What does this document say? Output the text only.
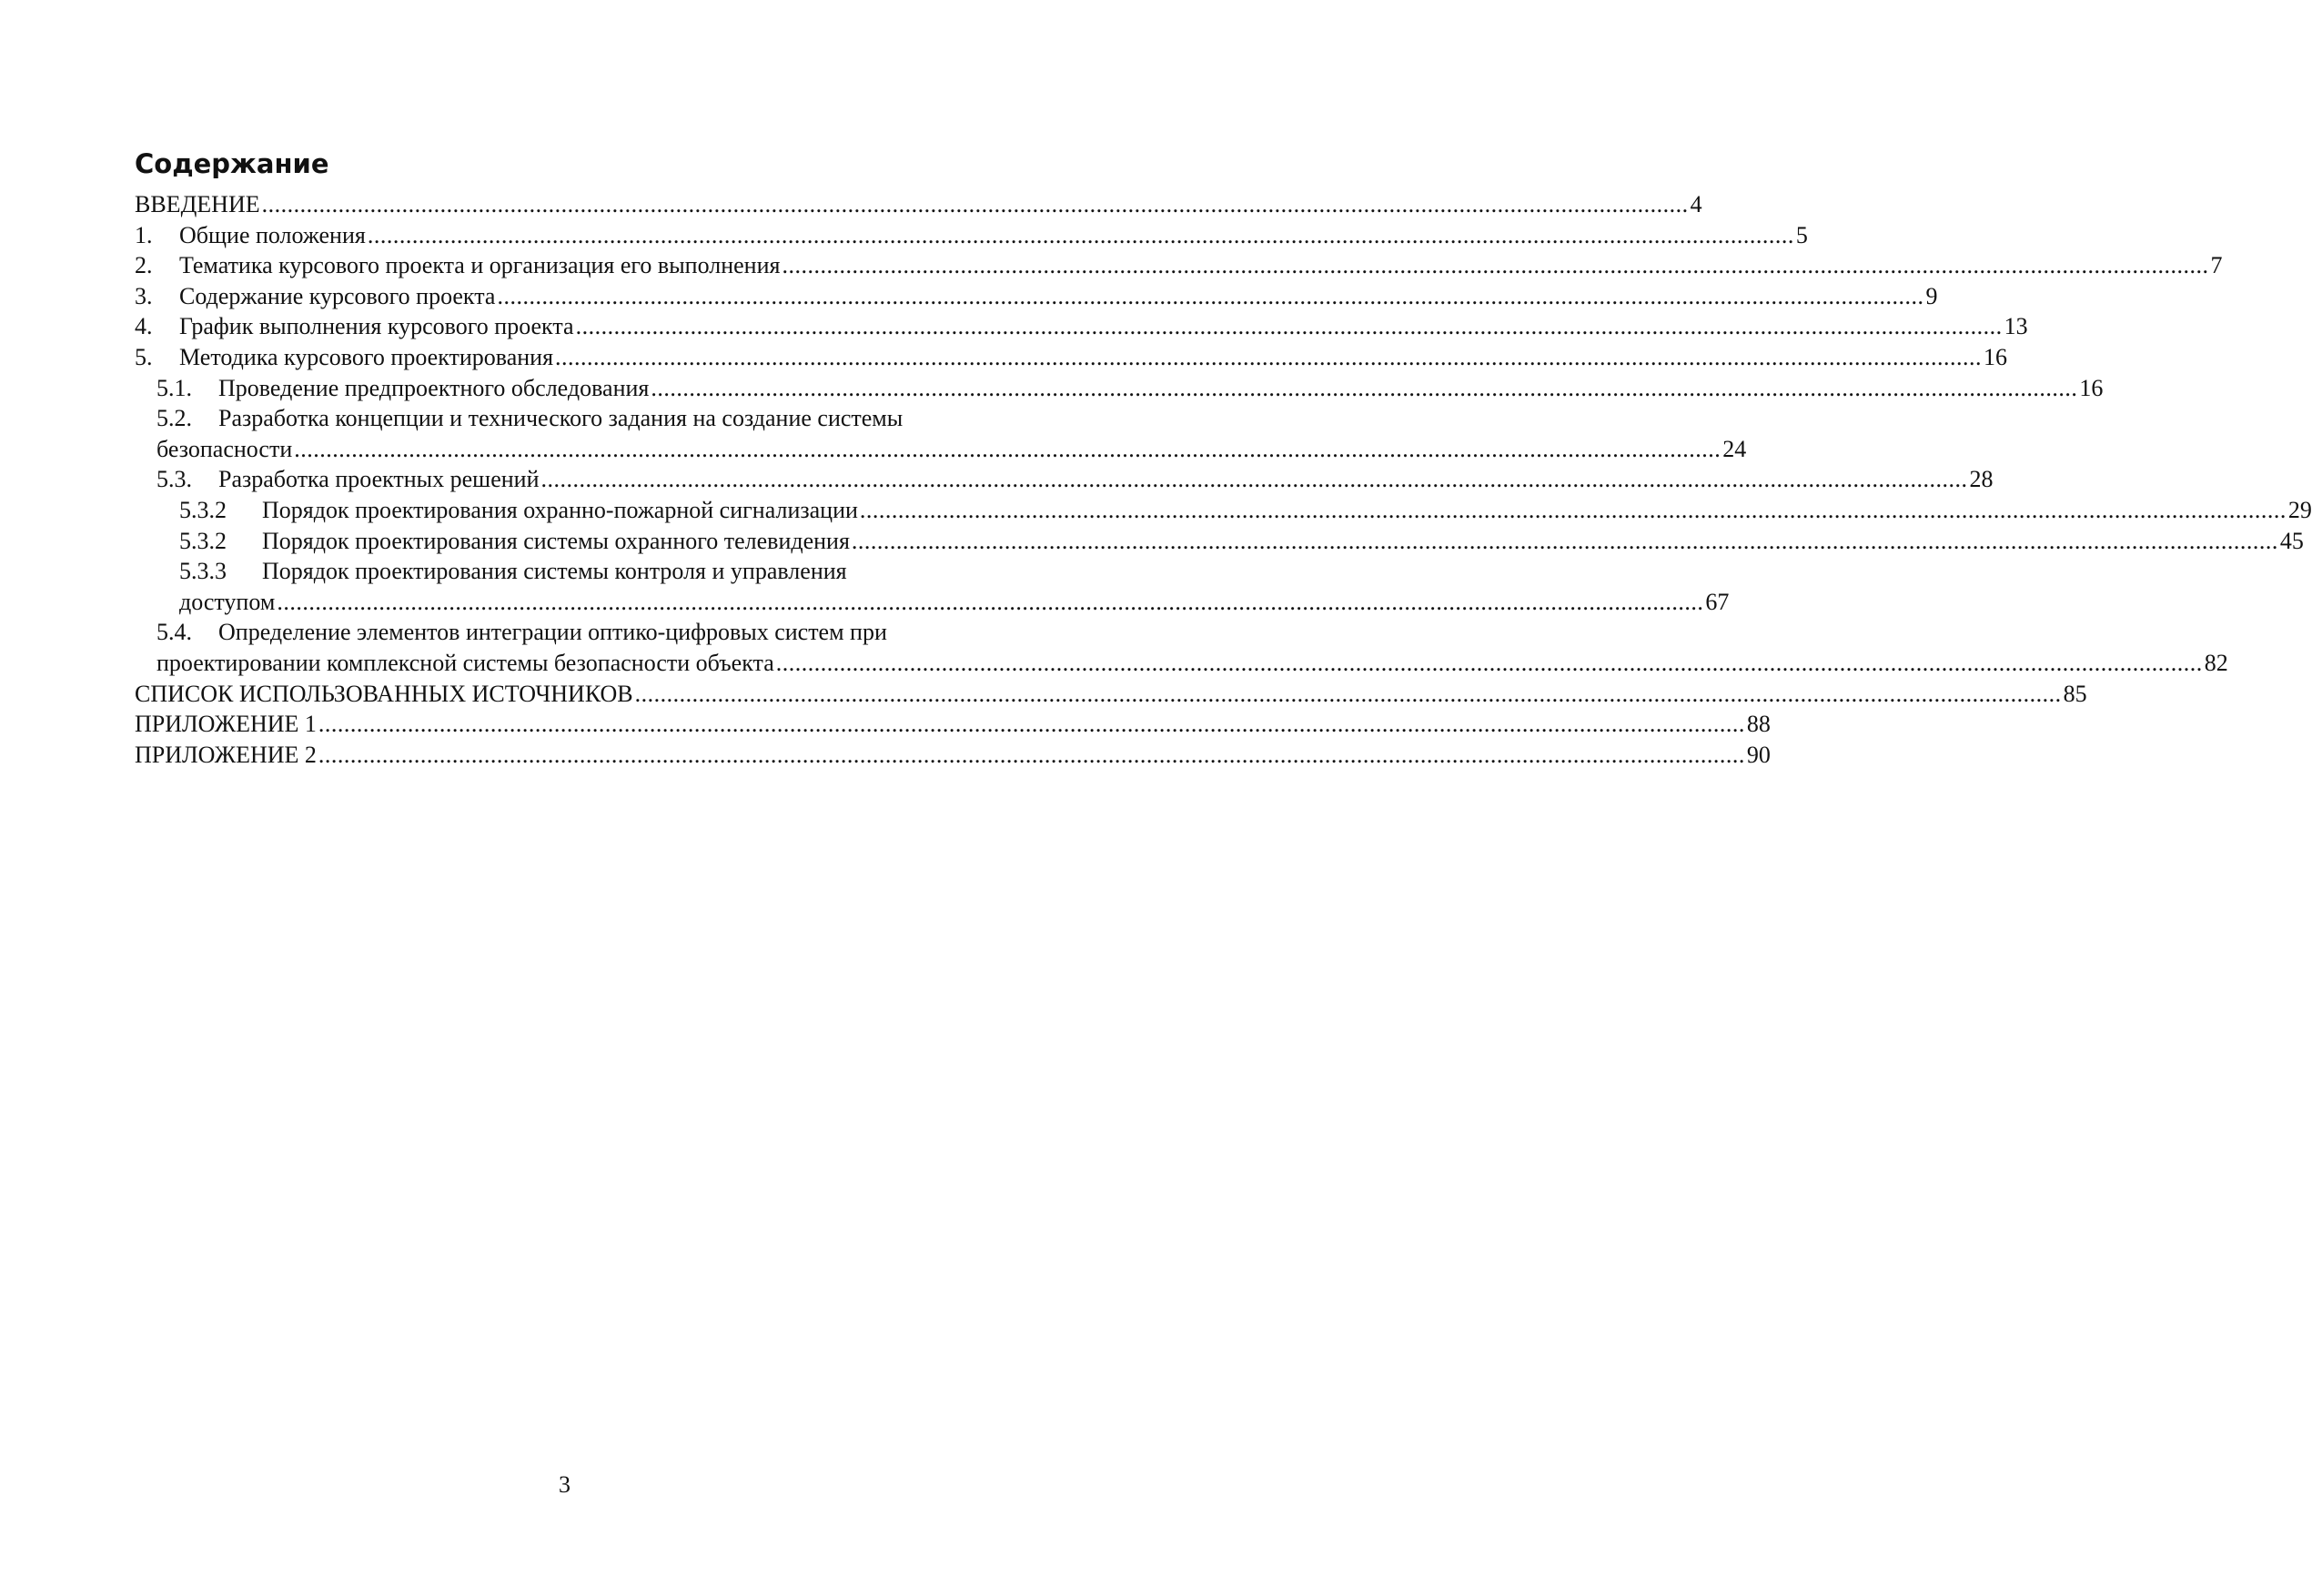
Содержание
ВВЕДЕНИЕ .....	4
1.	Общие положения .....	5
2.	Тематика курсового проекта и организация его выполнения .....	7
3.	Содержание курсового проекта .....	9
4.	График выполнения курсового проекта .....	13
5.	Методика курсового проектирования .....	16
5.1.	Проведение предпроектного обследования .....	16
5.2. Разработка концепции и технического задания на создание системы
безопасности .....	24
5.3.	Разработка проектных решений .....	28
5.3.2	Порядок проектирования охранно-пожарной сигнализации .....	29
5.3.2	Порядок проектирования системы охранного телевидения .....	45
5.3.3 Порядок проектирования системы контроля и управления
доступом .....	67
5.4. Определение элементов интеграции оптико-цифровых систем при
проектировании комплексной системы безопасности объекта .....	82
СПИСОК ИСПОЛЬЗОВАННЫХ ИСТОЧНИКОВ .....	85
ПРИЛОЖЕНИЕ 1 .....	88
ПРИЛОЖЕНИЕ 2 .....	90
3
